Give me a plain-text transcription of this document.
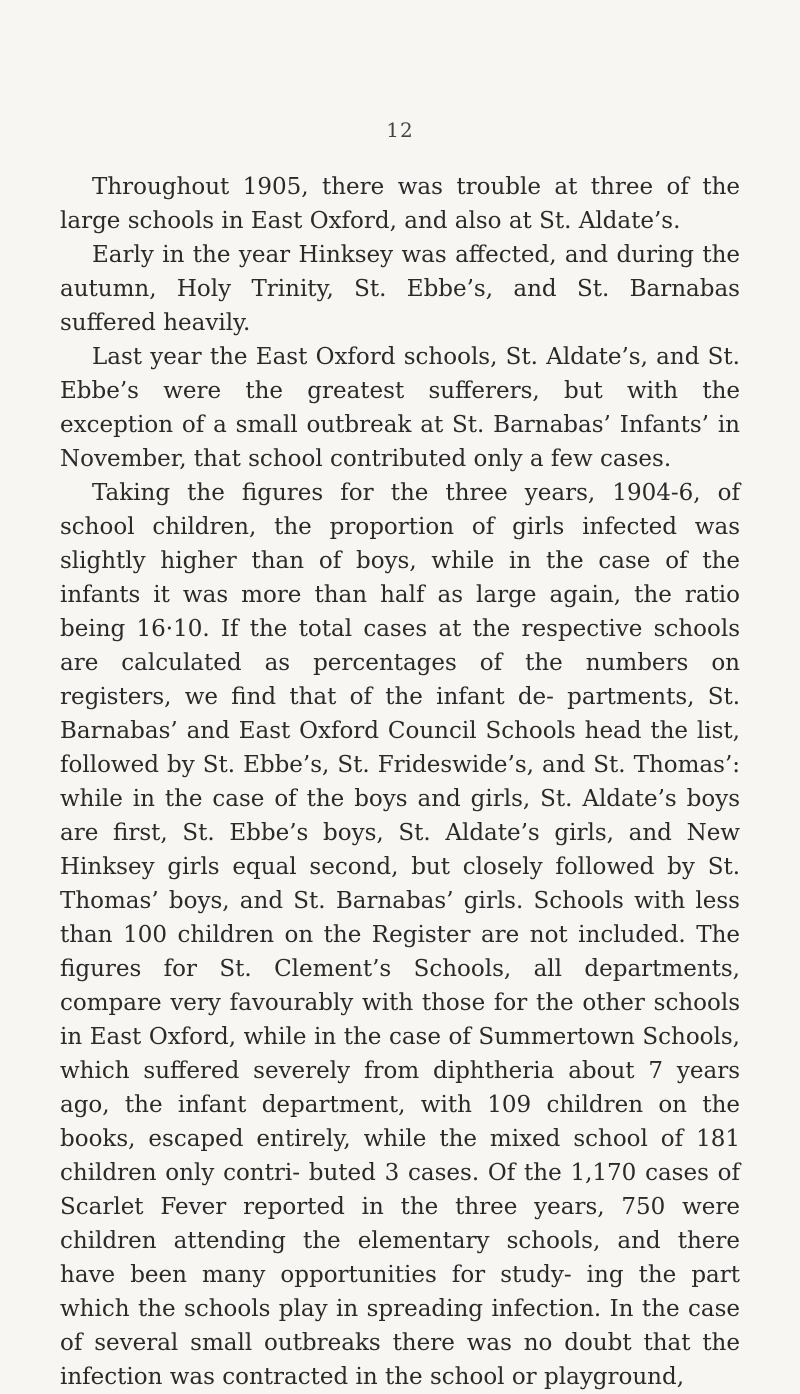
12

Throughout 1905, there was trouble at three of the large schools in East Oxford, and also at St. Aldate’s.

Early in the year Hinksey was affected, and during the autumn, Holy Trinity, St. Ebbe’s, and St. Barnabas suffered heavily.

Last year the East Oxford schools, St. Aldate’s, and St. Ebbe’s were the greatest sufferers, but with the exception of a small outbreak at St. Barnabas’ Infants’ in November, that school contributed only a few cases.

Taking the figures for the three years, 1904-6, of school children, the proportion of girls infected was slightly higher than of boys, while in the case of the infants it was more than half as large again, the ratio being 16·10. If the total cases at the respective schools are calculated as percentages of the numbers on registers, we find that of the infant de- partments, St. Barnabas’ and East Oxford Council Schools head the list, followed by St. Ebbe’s, St. Frideswide’s, and St. Thomas’: while in the case of the boys and girls, St. Aldate’s boys are first, St. Ebbe’s boys, St. Aldate’s girls, and New Hinksey girls equal second, but closely followed by St. Thomas’ boys, and St. Barnabas’ girls. Schools with less than 100 children on the Register are not included. The figures for St. Clement’s Schools, all departments, compare very favourably with those for the other schools in East Oxford, while in the case of Summertown Schools, which suffered severely from diphtheria about 7 years ago, the infant department, with 109 children on the books, escaped entirely, while the mixed school of 181 children only contri- buted 3 cases. Of the 1,170 cases of Scarlet Fever reported in the three years, 750 were children attending the elementary schools, and there have been many opportunities for study- ing the part which the schools play in spreading infection. In the case of several small outbreaks there was no doubt that the infection was contracted in the school or playground,
